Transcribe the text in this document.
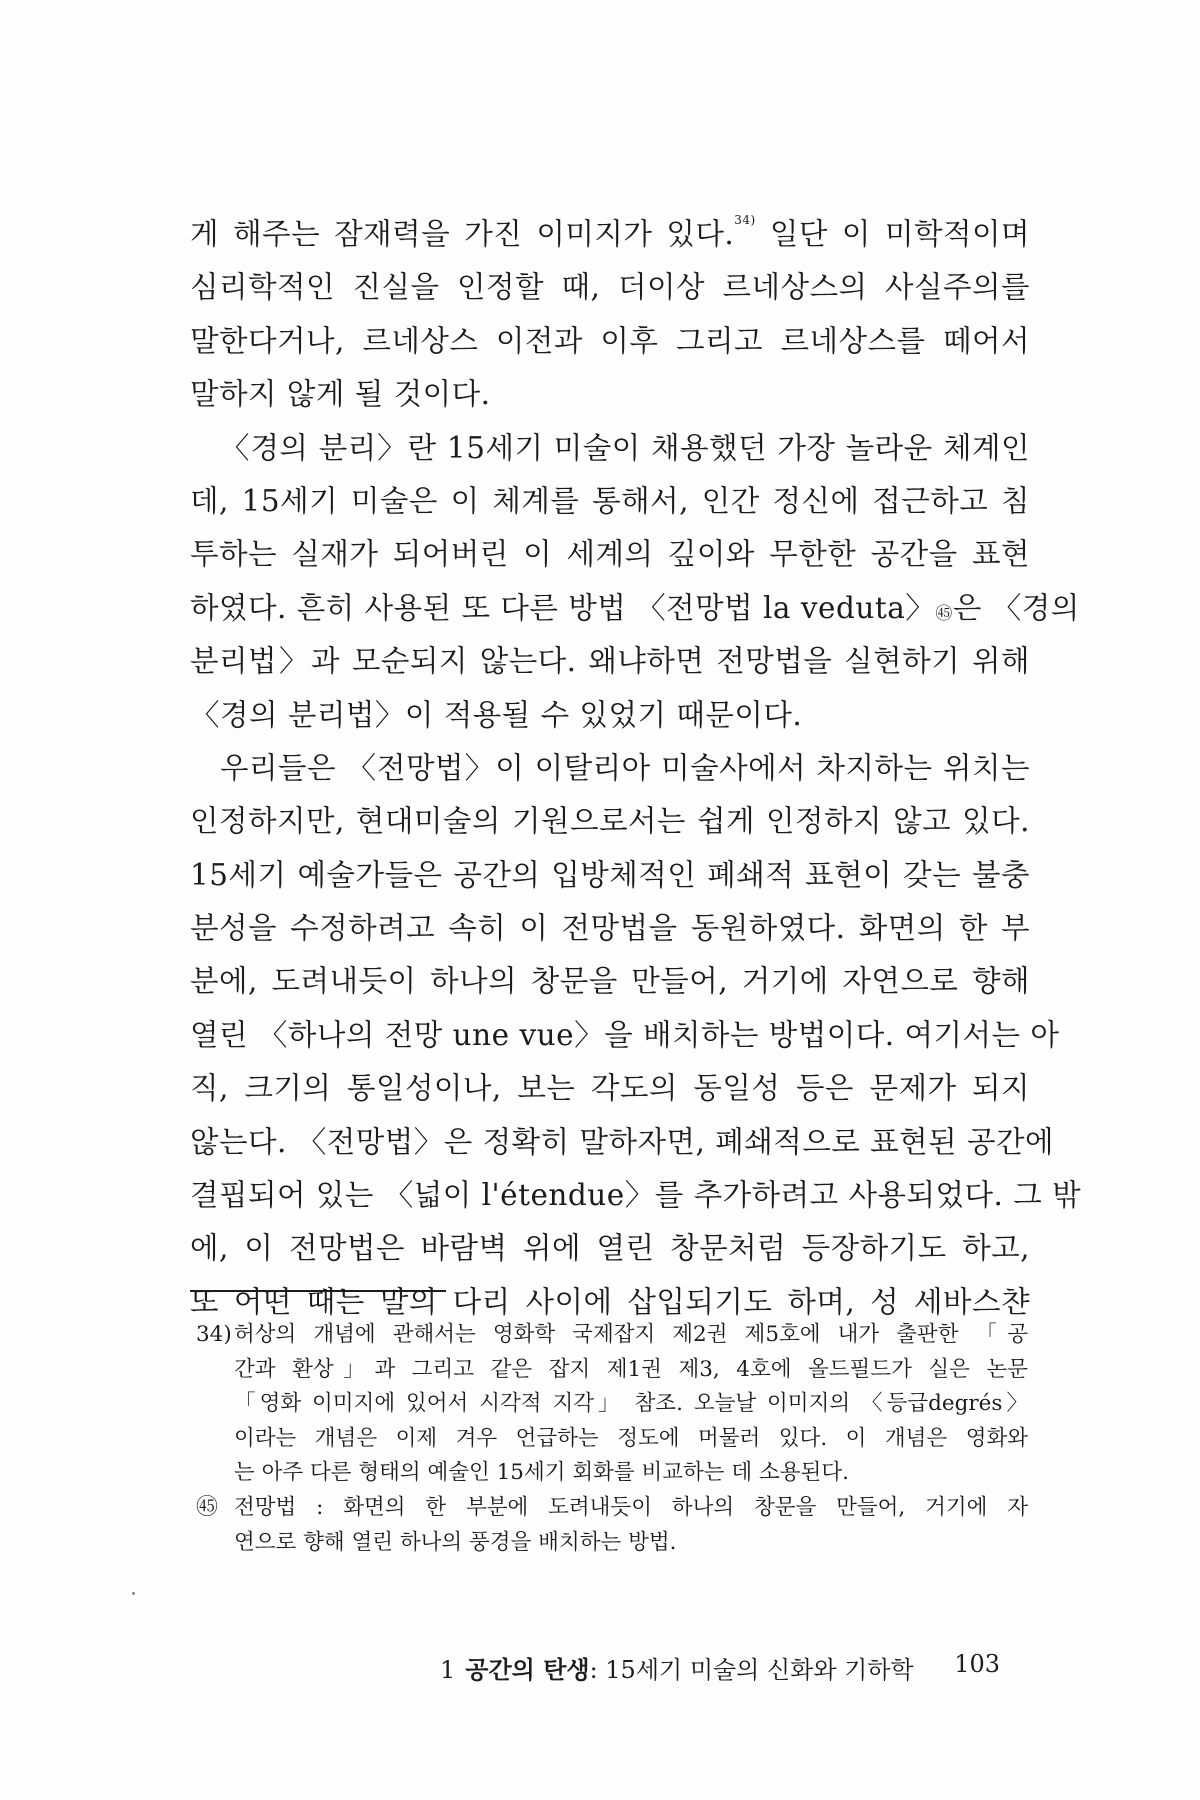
게 해주는 잠재력을 가진 이미지가 있다.$^{34)}$ 일단 이 미학적이며
심리학적인 진실을 인정할 때, 더이상 르네상스의 사실주의를
말한다거나, 르네상스 이전과 이후 그리고 르네상스를 떼어서
말하지 않게 될 것이다.
〈경의 분리〉란 15세기 미술이 채용했던 가장 놀라운 체계인
데, 15세기 미술은 이 체계를 통해서, 인간 정신에 접근하고 침
투하는 실재가 되어버린 이 세계의 깊이와 무한한 공간을 표현
하였다. 흔히 사용된 또 다른 방법 〈전망법 la veduta〉$^㊺$은 〈경의
분리법〉과 모순되지 않는다. 왜냐하면 전망법을 실현하기 위해
〈경의 분리법〉이 적용될 수 있었기 때문이다.
우리들은 〈전망법〉이 이탈리아 미술사에서 차지하는 위치는
인정하지만, 현대미술의 기원으로서는 쉽게 인정하지 않고 있다.
15세기 예술가들은 공간의 입방체적인 폐쇄적 표현이 갖는 불충
분성을 수정하려고 속히 이 전망법을 동원하였다. 화면의 한 부
분에, 도려내듯이 하나의 창문을 만들어, 거기에 자연으로 향해
열린 〈하나의 전망 une vue〉을 배치하는 방법이다. 여기서는 아
직, 크기의 통일성이나, 보는 각도의 동일성 등은 문제가 되지
않는다. 〈전망법〉은 정확히 말하자면, 폐쇄적으로 표현된 공간에
결핍되어 있는 〈넓이 l'étendue〉를 추가하려고 사용되었다. 그 밖
에, 이 전망법은 바람벽 위에 열린 창문처럼 등장하기도 하고,
또 어떤 때는 말의 다리 사이에 삽입되기도 하며, 성 세바스챤
34) 허상의 개념에 관해서는 영화학 국제잡지 제2권 제5호에 내가 출판한 「공
간과 환상」과 그리고 같은 잡지 제1권 제3, 4호에 올드필드가 실은 논문
「영화 이미지에 있어서 시각적 지각」 참조. 오늘날 이미지의 〈등급degrés〉
이라는 개념은 이제 겨우 언급하는 정도에 머물러 있다. 이 개념은 영화와
는 아주 다른 형태의 예술인 15세기 회화를 비교하는 데 소용된다.
㊺ 전망법 : 화면의 한 부분에 도려내듯이 하나의 창문을 만들어, 거기에 자
연으로 향해 열린 하나의 풍경을 배치하는 방법.
1 공간의 탄생: 15세기 미술의 신화와 기하학 103
